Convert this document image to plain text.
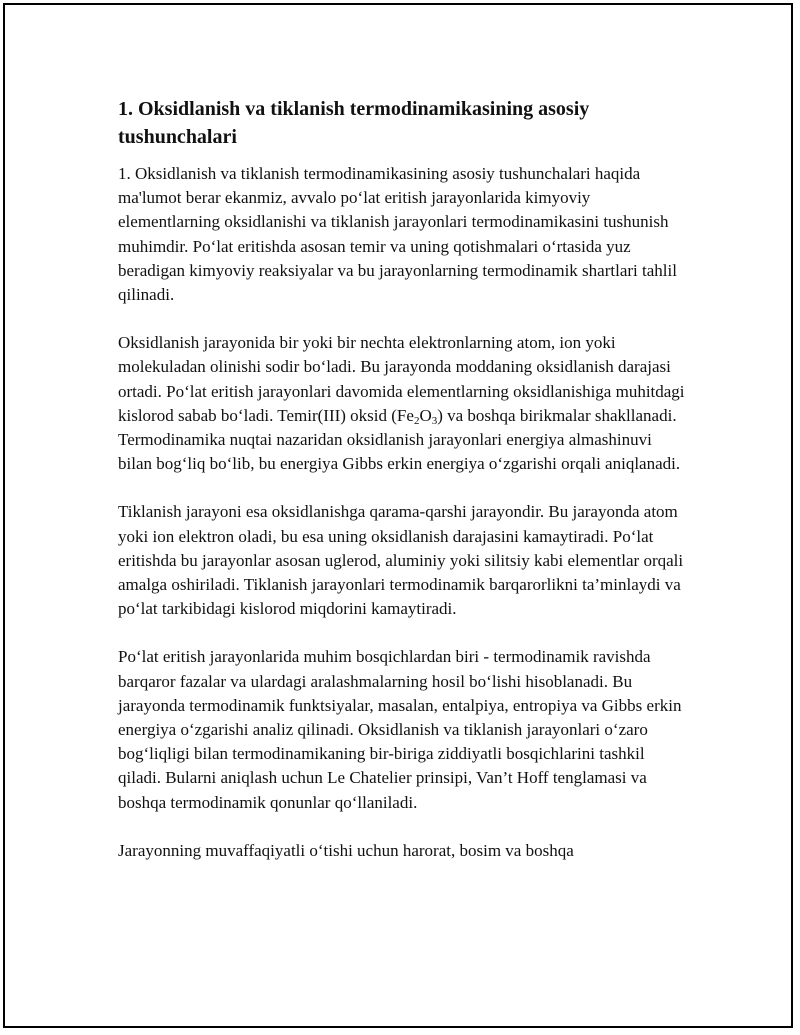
1. Oksidlanish va tiklanish termodinamikasining asosiy tushunchalari

1. Oksidlanish va tiklanish termodinamikasining asosiy tushunchalari haqida ma'lumot berar ekanmiz, avvalo po‘lat eritish jarayonlarida kimyoviy elementlarning oksidlanishi va tiklanish jarayonlari termodinamikasini tushunish muhimdir. Po‘lat eritishda asosan temir va uning qotishmalari o‘rtasida yuz beradigan kimyoviy reaksiyalar va bu jarayonlarning termodinamik shartlari tahlil qilinadi.

Oksidlanish jarayonida bir yoki bir nechta elektronlarning atom, ion yoki molekuladan olinishi sodir bo‘ladi. Bu jarayonda moddaning oksidlanish darajasi ortadi. Po‘lat eritish jarayonlari davomida elementlarning oksidlanishiga muhitdagi kislorod sabab bo‘ladi. Temir(III) oksid $(Fe_2O_3)$ va boshqa birikmalar shakllanadi. Termodinamika nuqtai nazaridan oksidlanish jarayonlari energiya almashinuvi bilan bog‘liq bo‘lib, bu energiya Gibbs erkin energiya o‘zgarishi orqali aniqlanadi.

Tiklanish jarayoni esa oksidlanishga qarama-qarshi jarayondir. Bu jarayonda atom yoki ion elektron oladi, bu esa uning oksidlanish darajasini kamaytiradi. Po‘lat eritishda bu jarayonlar asosan uglerod, aluminiy yoki silitsiy kabi elementlar orqali amalga oshiriladi. Tiklanish jarayonlari termodinamik barqarorlikni ta’minlaydi va po‘lat tarkibidagi kislorod miqdorini kamaytiradi.

Po‘lat eritish jarayonlarida muhim bosqichlardan biri - termodinamik ravishda barqaror fazalar va ulardagi aralashmalarning hosil bo‘lishi hisoblanadi. Bu jarayonda termodinamik funktsiyalar, masalan, entalpiya, entropiya va Gibbs erkin energiya o‘zgarishi analiz qilinadi. Oksidlanish va tiklanish jarayonlari o‘zaro bog‘liqligi bilan termodinamikaning bir-biriga ziddiyatli bosqichlarini tashkil qiladi. Bularni aniqlash uchun Le Chatelier prinsipi, Van’t Hoff tenglamasi va boshqa termodinamik qonunlar qo‘llaniladi.

Jarayonning muvaffaqiyatli o‘tishi uchun harorat, bosim va boshqa
